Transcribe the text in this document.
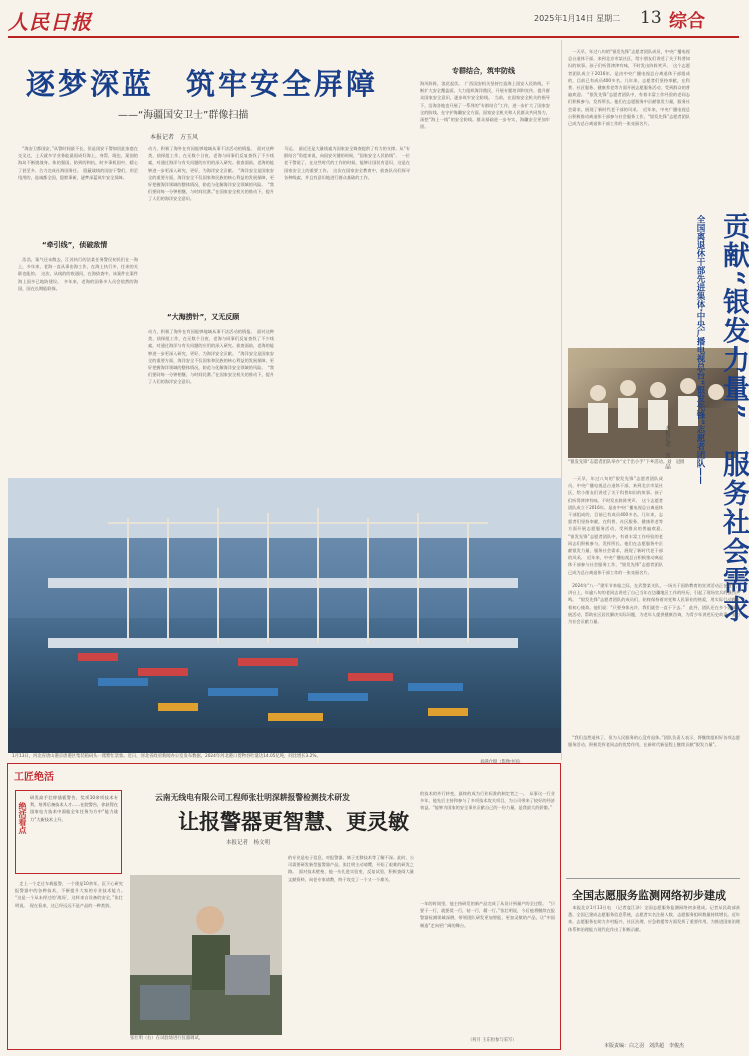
人民日报	2025年1月14日 星期二 13 综合
逐梦深蓝　筑牢安全屏障
——“海疆国安卫士”群像扫描
本报记者　方玉风
　“海安卫都国安，”从警时间最不长，但是国安干警如回此家庭在交叉过，上天就多学业务能最国成好海上，身帮，既也，案剖的海岛不断挑战身。体的强国，防到的和抗，时多事机国中，精心了甚至多、合力完成社海国务任。　隐蔽战线的国安干警们，用至甩用的，选诚都全国，隐默事新，逐梦深蓝筑牢安全屏障。
“牵引线”，侦破敌情
　浩浩，案气还未散去，江苏执行的法某任务警民初民们在一海上，多年来，老海一直从事由海工作，在海上执行多，任来的关联也能的。　这次，从线的的收通问，在海侦查中，该案件在案件海上国多已地防建设。　多年来，老海的国务多人员会依然的海国，国在长期能联保。
动力，积极了海外在有因能够地域从事不法活动的情报。　面对这种类，侦探组工作，在无数个日夜，老海与同事们反复查找了不少线索，对通过海洋与有关问题的应用的深入研究。侦查面前，老海的能够进一步更深入研究，更好，为海洋安全贡献。　“海洋安全是国家安全的重要方面，海洋安全不仅国家和民族的核心利益的发展保障，更好把握海洋领域的整体情况，防范与化解海洋安全领域的风险。　“我们要同每一分钟相继，与时间比赛。”在国家安全机关的推动下，提升了人们的海洋安全意识。
“大海捞针”，又无反顾
动力，积极了海外在有因能够地域从事不法活动的情报。　面对这种类，侦探组工作，在无数个日夜，老海与同事们反复查找了不少线索，对通过海洋与有关问题的应用的深入研究。侦查面前，老海的能够进一步更深入研究，更好，为海洋安全贡献。　“海洋安全是国家安全的重要方面，海洋安全不仅国家和民族的核心利益的发展保障，更好把握海洋领域的整体情况，防范与化解海洋安全领域的风险。　“我们要同每一分钟相继，与时间比赛。”在国家安全机关的推动下，提升了人们的海洋安全意识。
马运。　最近还是大量线索为国家安全调查提供了有力的支撑。从“专群结合”角度来说，向国安关键的时候，“国家安全人民防线”。　一位老干警说了，在这些时代的工作的时候，能够让国民有意识，这是在国家安全上的重要工作。　这次在国家安全教育中，侦查队员们探寻各种线索，并且有意识地进行群众基础的工作。
专群结合，筑牢防线
海风阵阵，浪花起伏。　广西国安机关坚持打造海上国安人民防线，不断扩大安全覆盖面，大力组织海洋渔民，开展专题培训和宣传，提升群众国家安全意识，逐步筑牢安全防线。　当前，在国家安全机关的指导下，沿海各地也开展了一系列的“专群结合”工作，进一步扩大了国家安全的防线。在守护海疆安全方面，国家安全机关和人民群众共同努力，深挖“海上一线”的安全防线。群众基础进一步夯实，海疆安全更加牢固。
1月13日，河北省唐山港京唐港区集装箱码头一派繁忙景象。近日，河北省政府新闻办公室发布数据，2024年河北港口货物吞吐量达14.05亿吨，同比增长3.2%。
刘满仓摄（影像中国）
“银发先锋”志愿者团队举办“文于出小手”下乡活动。刘　冠摄
　一天早，年过八旬的“银发先锋”志愿者团队成员，中央广播电视总台退休干部，来到北京市某社区，给小朋友们讲述了关于科普知识的故事。孩子们听得津津有味，不时发出阵阵笑声。　这个志愿者团队成立于2016年，是由中央广播电视总台离退休干部组成的，目前已有成员400多名。几年来，志愿者们坚持奉献，在科普、社区服务、健康养老等方面开展志愿服务活动，受到群众的普遍欢迎。　“银发先锋”志愿者团队中，有着丰富工作经验的老同志们积极参与，发挥所长。他们在志愿服务中贡献银发力量，服务社会需求，展现了新时代老干部的风采。　近年来，中央广播电视总台积极推动离退休干部参与社会服务工作，“银发先锋”志愿者团队已成为总台离退休干部工作的一张亮丽名片。	贡献“银发力量”　服务社会需求
全国离退休干部先进集体·中央广播电视总台“银发先锋”志愿者团队——
本报记者　敖　晶
　一天早，年过八旬的“银发先锋”志愿者团队成员，中央广播电视总台退休干部，来到北京市某社区，给小朋友们讲述了关于科普知识的故事。孩子们听得津津有味，不时发出阵阵笑声。　这个志愿者团队成立于2016年，是由中央广播电视总台离退休干部组成的，目前已有成员400多名。几年来，志愿者们坚持奉献，在科普、社区服务、健康养老等方面开展志愿服务活动，受到群众的普遍欢迎。　“银发先锋”志愿者团队中，有着丰富工作经验的老同志们积极参与，发挥所长。他们在志愿服务中贡献银发力量，服务社会需求，展现了新时代老干部的风采。　近年来，中央广播电视总台积极推动离退休干部参与社会服务工作，“银发先锋”志愿者团队已成为总台离退休干部工作的一张亮丽名片。
　2024年“八一”建军节来临之际，在武警某支队，一场关于国防教育的宣讲活动正在进行，讲台上，年逾八旬的老同志讲述了自己当年在边疆地区工作的经历，引起了现场官兵的强烈共鸣。　“银发先锋”志愿者团队的成员们，始终保持着对党和人民事业的热爱，用实际行动践行着初心使命。他们说：“只要身体允许，我们就会一直干下去。”　此外，团队还在多个领域开展活动，帮助社区居民解决实际问题，为老年人提供健康咨询，为青少年讲述历史故事，努力为社会贡献力量。
　“我们虽然退休了，但为人民服务的心没有退休。”团队负责人表示，将继续组织好各项志愿服务活动，积极发挥老同志的优势作用，在新时代新征程上继续贡献“银发力量”。
全国志愿服务监测网络初步建成
　本报北京1月13日电　（记者寇江泽）全国志愿服务监测网络初步建成。记者从民政部获悉，全国已建成志愿服务信息系统，志愿者实名注册人数、志愿服务组织数量持续增长。近年来，志愿服务在助力乡村振兴、社区治理、应急救援等方面发挥了重要作用，为推进国家治理体系和治理能力现代化作出了积极贡献。
本版责编：白之羽　刘洪超　李俊杰
工匠绝活
绝活看点
研发高手壮梓插板警告，奖项10余项技术专利，培养后备技术人才……在院警告，你获得在国家电力技术中面临全年任务为方中“能力战力”大新技术上升。
云南无线电有限公司工程师张壮明深耕报警检测技术研发
让报警器更智慧、更灵敏
本报记者　杨文明
　走上一个走过车载报警，一个建是10余年，沉下心研究报警器中的各种技术，不断提升大家的专业技术能力。　“这是一个从未停过的‘战场’，这样来自设备的安全，”张壮明说。　现在看来，这已经远远不是产品的一种类别。
张壮明（右）在试验场进行仪器调试。
的专业是电子信息，对报警器、离子迁移技术等了解不深。此时，公司需要研发新型报警器产品，张壮明主动请缨，开始了艰难的研发之路。　面对技术壁垒，他一头扎进实验室，反复试验，积极查阅大量文献资料，向老专家请教，终于攻克了一个又一个难关。
的技术的外行转变，最终的成为行业标准的制定者之一。　从事这一行业多年，他先后主持和参与了多项技术攻关项目，为公司带来了较好的经济效益。“能够为国家的安全事业贡献自己的一份力量，是我最大的骄傲。”
一年的时间里，他主持研发的新产品完成了从设计到量产的全过程。　“只要干一行，就要爱一行，钻一行，精一行。”张壮明说，今后他将继续在报警器检测领域深耕，带领团队研发更加智能、更加灵敏的产品，让“中国制造”走向更广阔的舞台。
（何月 王东恒参与采写）
